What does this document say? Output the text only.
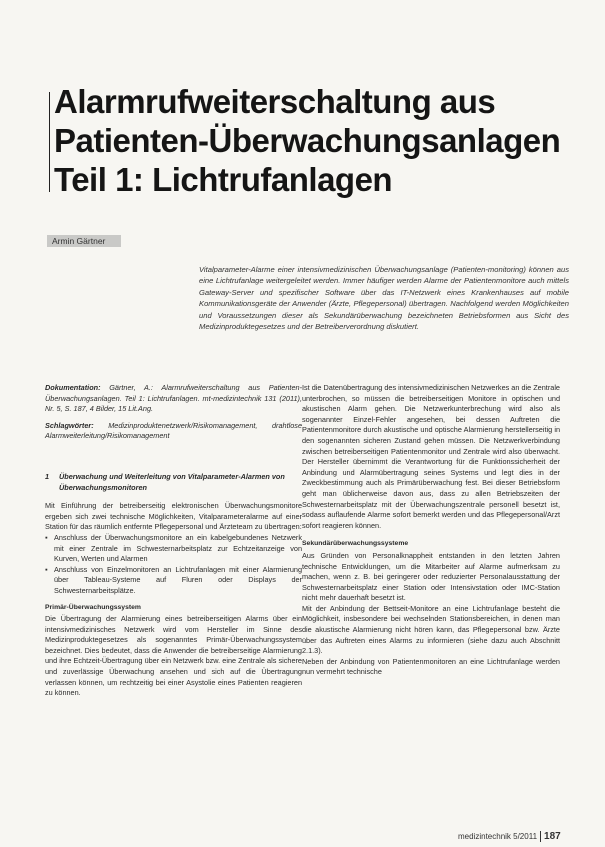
Alarmrufweiterschaltung aus
Patienten-Überwachungsanlagen
Teil 1: Lichtrufanlagen
Armin Gärtner

Vitalparameter-Alarme einer intensivmedizinischen Überwachungsanlage (Patienten-monitoring) können aus eine Lichtrufanlage weitergeleitet werden. Immer häufiger werden Alarme der Patientenmonitore auch mittels Gateway-Server und spezifischer Software über das IT-Netzwerk eines Krankenhauses auf mobile Kommunikationsgeräte der Anwender (Ärzte, Pflegepersonal) übertragen. Nachfolgend werden Möglichkeiten und Voraussetzungen dieser als Sekundärüberwachung bezeichneten Betriebsformen aus Sicht des Medizinproduktegesetzes und der Betreiberverordnung diskutiert.

Dokumentation: Gärtner, A.: Alarmrufweiterschaltung aus Patienten-Überwachungsanlagen. Teil 1: Lichtrufanlagen. mt-medizintechnik 131 (2011), Nr. 5, S. 187, 4 Bilder, 15 Lit.Ang.

Schlagwörter: Medizinproduktenetzwerk/Risikomanagement, drahtlose Alarmweiterleitung/Risikomanagement

1	Überwachung und Weiterleitung von Vitalparameter-Alarmen von Überwachungsmonitoren

Mit Einführung der betreiberseitig elektronischen Überwachungsmonitore ergeben sich zwei technische Möglichkeiten, Vitalparameteralarme auf einer Station für das räumlich entfernte Pflegepersonal und Ärzteteam zu übertragen:

▪ Anschluss der Überwachungsmonitore an ein kabelgebundenes Netzwerk mit einer Zentrale im Schwesternarbeitsplatz zur Echtzeitanzeige von Kurven, Werten und Alarmen
▪ Anschluss von Einzelmonitoren an Lichtrufanlagen mit einer Alarmierung über Tableau-Systeme auf Fluren oder Displays der Schwesternarbeitsplätze.
Primär-Überwachungssystem

Die Übertragung der Alarmierung eines betreiberseitigen Alarms über ein intensivmedizinisches Netzwerk wird vom Hersteller im Sinne des Medizinproduktegesetzes als sogenanntes Primär-Überwachungssystem bezeichnet. Dies bedeutet, dass die Anwender die betreiberseitige Alarmierung und ihre Echtzeit-Übertragung über ein Netzwerk bzw. eine Zentrale als sichere und zuverlässige Überwachung ansehen und sich auf die Übertragung verlassen können, um rechtzeitig bei einer Asystolie eines Patienten reagieren zu können.

Ist die Datenübertragung des intensivmedizinischen Netzwerkes an die Zentrale unterbrochen, so müssen die betreiberseitigen Monitore in optischen und akustischen Alarm gehen. Die Netzwerkunterbrechung wird also als sogenannter Einzel-Fehler angesehen, bei dessen Auftreten die Patientenmonitore durch akustische und optische Alarmierung herstellerseitig in den sogenannten sicheren Zustand gehen müssen. Die Netzwerkverbindung zwischen betreiberseitigen Patientenmonitor und Zentrale wird also überwacht. Der Hersteller übernimmt die Verantwortung für die Funktionssicherheit der Anbindung und Alarmübertragung seines Systems und legt dies in der Zweckbestimmung auch als Primärüberwachung fest. Bei dieser Betriebsform geht man üblicherweise davon aus, dass zu allen Betriebszeiten der Schwesternarbeitsplatz mit der Überwachungszentrale personell besetzt ist, sodass auflaufende Alarme sofort bemerkt werden und das Pflegepersonal/Arzt sofort reagieren können.

Sekundärüberwachungssysteme

Aus Gründen von Personalknappheit entstanden in den letzten Jahren technische Entwicklungen, um die Mitarbeiter auf Alarme aufmerksam zu machen, wenn z. B. bei geringerer oder reduzierter Personalausstattung der Schwesternarbeitsplatz einer Station oder Intensivstation oder IMC-Station nicht mehr dauerhaft besetzt ist.

Mit der Anbindung der Bettseit-Monitore an eine Lichtrufanlage besteht die Möglichkeit, insbesondere bei wechselnden Stationsbereichen, in denen man die akustische Alarmierung nicht hören kann, das Pflegepersonal bzw. Ärzte über das Auftreten eines Alarms zu informieren (siehe dazu auch Abschnitt 2.1.3).

Neben der Anbindung von Patientenmonitoren an eine Lichtrufanlage werden nun vermehrt technische

medizintechnik 5/2011 187
